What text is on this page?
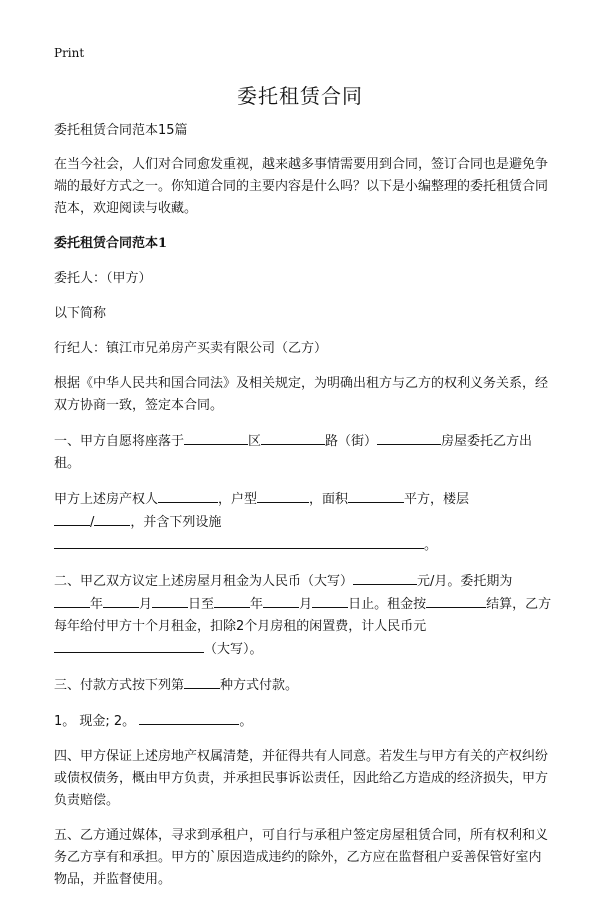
Print
委托租赁合同

委托租赁合同范本15篇

在当今社会，人们对合同愈发重视，越来越多事情需要用到合同，签订合同也是避免争端的最好方式之一。你知道合同的主要内容是什么吗？以下是小编整理的委托租赁合同范本，欢迎阅读与收藏。

委托租赁合同范本1

委托人：（甲方）

以下简称

行纪人：镇江市兄弟房产买卖有限公司（乙方）

根据《中华人民共和国合同法》及相关规定，为明确出租方与乙方的权利义务关系，经双方协商一致，签定本合同。

一、甲方自愿将座落于	区	路（街）	房屋委托乙方出租。

甲方上述房产权人	，户型	，面积	平方，楼层
/	，并含下列设施
。

二、甲乙双方议定上述房屋月租金为人民币（大写）	元/月。委托期为
年	月	日至	年	月	日止。租金按	结算，乙方每年给付甲方十个月租金，扣除2个月房租的闲置费，计人民币元（大写）。

三、付款方式按下列第	种方式付款。

1。 现金; 2。	。

四、甲方保证上述房地产权属清楚，并征得共有人同意。若发生与甲方有关的产权纠纷或债权债务，概由甲方负责，并承担民事诉讼责任，因此给乙方造成的经济损失，甲方负责赔偿。

五、乙方通过媒体，寻求到承租户，可自行与承租户签定房屋租赁合同，所有权利和义务乙方享有和承担。甲方的`原因造成违约的除外，乙方应在监督租户妥善保管好室内物品，并监督使用。
